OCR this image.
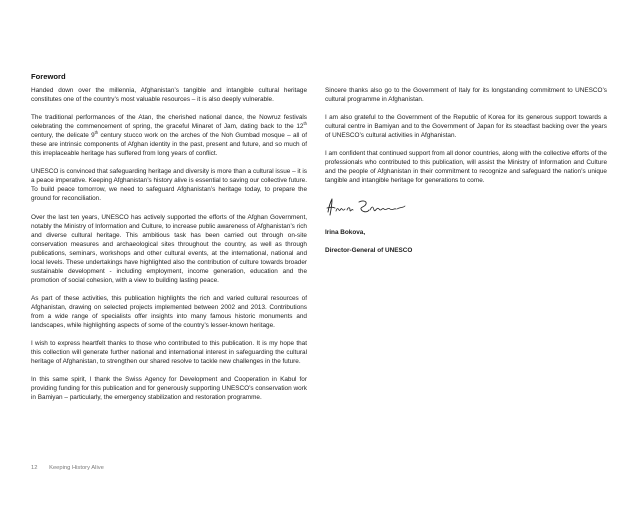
Foreword

Handed down over the millennia, Afghanistan’s tangible and intangible cultural heritage constitutes one of the country’s most valuable resources – it is also deeply vulnerable.

The traditional performances of the Atan, the cherished national dance, the Nowruz festivals celebrating the commencement of spring, the graceful Minaret of Jam, dating back to the 12th century, the delicate 9th century stucco work on the arches of the Noh Gumbad mosque – all of these are intrinsic components of Afghan identity in the past, present and future, and so much of this irreplaceable heritage has suffered from long years of conflict.

UNESCO is convinced that safeguarding heritage and diversity is more than a cultural issue – it is a peace imperative. Keeping Afghanistan’s history alive is essential to saving our collective future. To build peace tomorrow, we need to safeguard Afghanistan’s heritage today, to prepare the ground for reconciliation.

Over the last ten years, UNESCO has actively supported the efforts of the Afghan Government, notably the Ministry of Information and Culture, to increase public awareness of Afghanistan’s rich and diverse cultural heritage. This ambitious task has been carried out through on-site conservation measures and archaeological sites throughout the country, as well as through publications, seminars, workshops and other cultural events, at the international, national and local levels. These undertakings have highlighted also the contribution of culture towards broader sustainable development - including employment, income generation, education and the promotion of social cohesion, with a view to building lasting peace.

As part of these activities, this publication highlights the rich and varied cultural resources of Afghanistan, drawing on selected projects implemented between 2002 and 2013. Contributions from a wide range of specialists offer insights into many famous historic monuments and landscapes, while highlighting aspects of some of the country’s lesser-known heritage.

I wish to express heartfelt thanks to those who contributed to this publication. It is my hope that this collection will generate further national and international interest in safeguarding the cultural heritage of Afghanistan, to strengthen our shared resolve to tackle new challenges in the future.

In this same spirit, I thank the Swiss Agency for Development and Cooperation in Kabul for providing funding for this publication and for generously supporting UNESCO’s conservation work in Bamiyan – particularly, the emergency stabilization and restoration programme.

Sincere thanks also go to the Government of Italy for its longstanding commitment to UNESCO’s cultural programme in Afghanistan.

I am also grateful to the Government of the Republic of Korea for its generous support towards a cultural centre in Bamiyan and to the Government of Japan for its steadfast backing over the years of UNESCO’s cultural activities in Afghanistan.

I am confident that continued support from all donor countries, along with the collective efforts of the professionals who contributed to this publication, will assist the Ministry of Information and Culture and the people of Afghanistan in their commitment to recognize and safeguard the nation’s unique tangible and intangible heritage for generations to come.

Irina Bokova,

Director-General of UNESCO

12 Keeping History Alive
